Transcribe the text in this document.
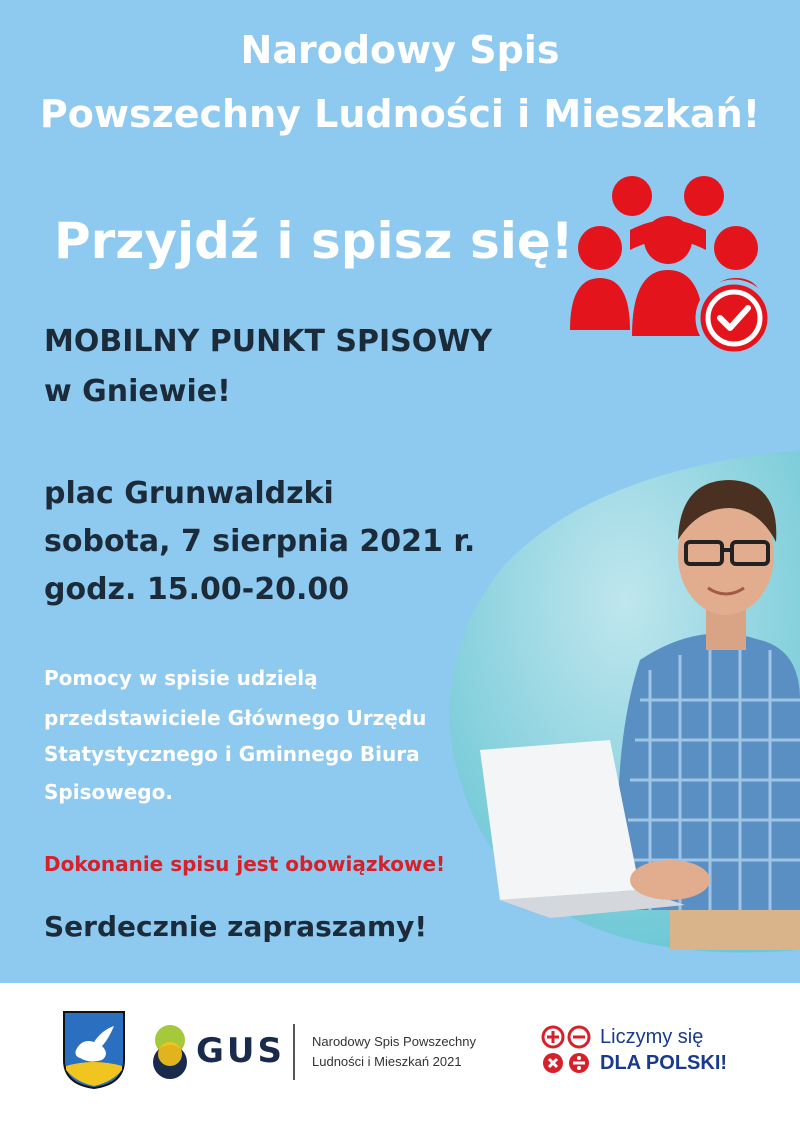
Narodowy Spis
Powszechny Ludności i Mieszkań!
Przyjdź i spisz się!
MOBILNY PUNKT SPISOWY
w Gniewie!
plac Grunwaldzki
sobota, 7 sierpnia 2021 r.
godz. 15.00-20.00
Pomocy w spisie udzielą
przedstawiciele Głównego Urzędu
Statystycznego i Gminnego Biura
Spisowego.
Dokonanie spisu jest obowiązkowe!
Serdecznie zapraszamy!
GUS Narodowy Spis Powszechny
Ludności i Mieszkań 2021
Liczymy się
DLA POLSKI!
